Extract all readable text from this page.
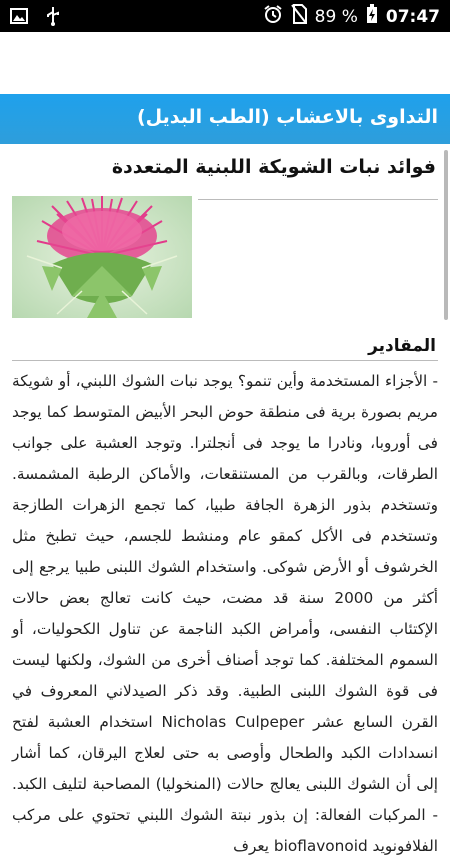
89 % 07:47
التداوى بالاعشاب (الطب البديل)
فوائد نبات الشويكة اللبنية المتعددة
المقادير
- الأجزاء المستخدمة وأين تنمو؟ يوجد نبات الشوك اللبني، أو شويكة مريم بصورة برية فى منطقة حوض البحر الأبيض المتوسط كما يوجد فى أوروبا، ونادرا ما يوجد فى أنجلترا. وتوجد العشبة على جوانب الطرقات، وبالقرب من المستنقعات، والأماكن الرطبة المشمسة. وتستخدم بذور الزهرة الجافة طبيا، كما تجمع الزهرات الطازجة وتستخدم فى الأكل كمقو عام ومنشط للجسم، حيث تطبخ مثل الخرشوف أو الأرض شوكى. واستخدام الشوك اللبنى طبيا يرجع إلى أكثر من 2000 سنة قد مضت، حيث كانت تعالج بعض حالات الإكتئاب النفسى، وأمراض الكبد الناجمة عن تناول الكحوليات، أو السموم المختلفة. كما توجد أصناف أخرى من الشوك، ولكنها ليست فى قوة الشوك اللبنى الطبية. وقد ذكر الصيدلاني المعروف في القرن السابع عشر Nicholas Culpeper استخدام العشبة لفتح انسدادات الكبد والطحال وأوصى به حتى لعلاج اليرقان، كما أشار إلى أن الشوك اللبنى يعالج حالات (المنخوليا) المصاحبة لتليف الكبد. - المركبات الفعالة: إن بذور نبتة الشوك اللبني تحتوي على مركب الفلافونويد bioflavonoid يعرف
